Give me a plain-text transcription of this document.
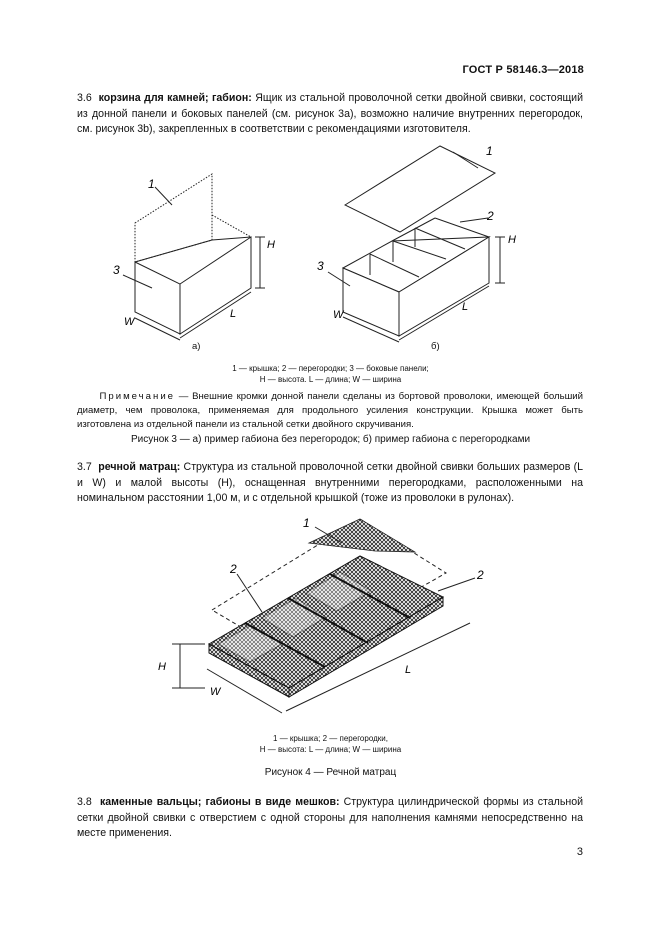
ГОСТ Р 58146.3—2018
3.6 корзина для камней; габион: Ящик из стальной проволочной сетки двойной свивки, состоящий из донной панели и боковых панелей (см. рисунок 3а), возможно наличие внутренних перегородок, см. рисунок 3b), закрепленных в соответствии с рекомендациями изготовителя.
1
3
H
L
W
1
2
3
H
L
W
а)	б)
1 — крышка; 2 — перегородки; 3 — боковые панели;
H — высота. L — длина; W — ширина
Примечание — Внешние кромки донной панели сделаны из бортовой проволоки, имеющей больший диаметр, чем проволока, применяемая для продольного усиления конструкции. Крышка может быть изготовлена из отдельной панели из стальной сетки двойного скручивания.
Рисунок 3 — а) пример габиона без перегородок; б) пример габиона с перегородками
3.7 речной матрац: Структура из стальной проволочной сетки двойной свивки больших размеров (L и W) и малой высоты (H), оснащенная внутренними перегородками, расположенными на номинальном расстоянии 1,00 м, и с отдельной крышкой (тоже из проволоки в рулонах).
1
2	2
H	L
W
1 — крышка; 2 — перегородки,
H — высота: L — длина; W — ширина
Рисунок 4 — Речной матрац
3.8 каменные вальцы; габионы в виде мешков: Структура цилиндрической формы из стальной сетки двойной свивки с отверстием с одной стороны для наполнения камнями непосредственно на месте применения.
3
